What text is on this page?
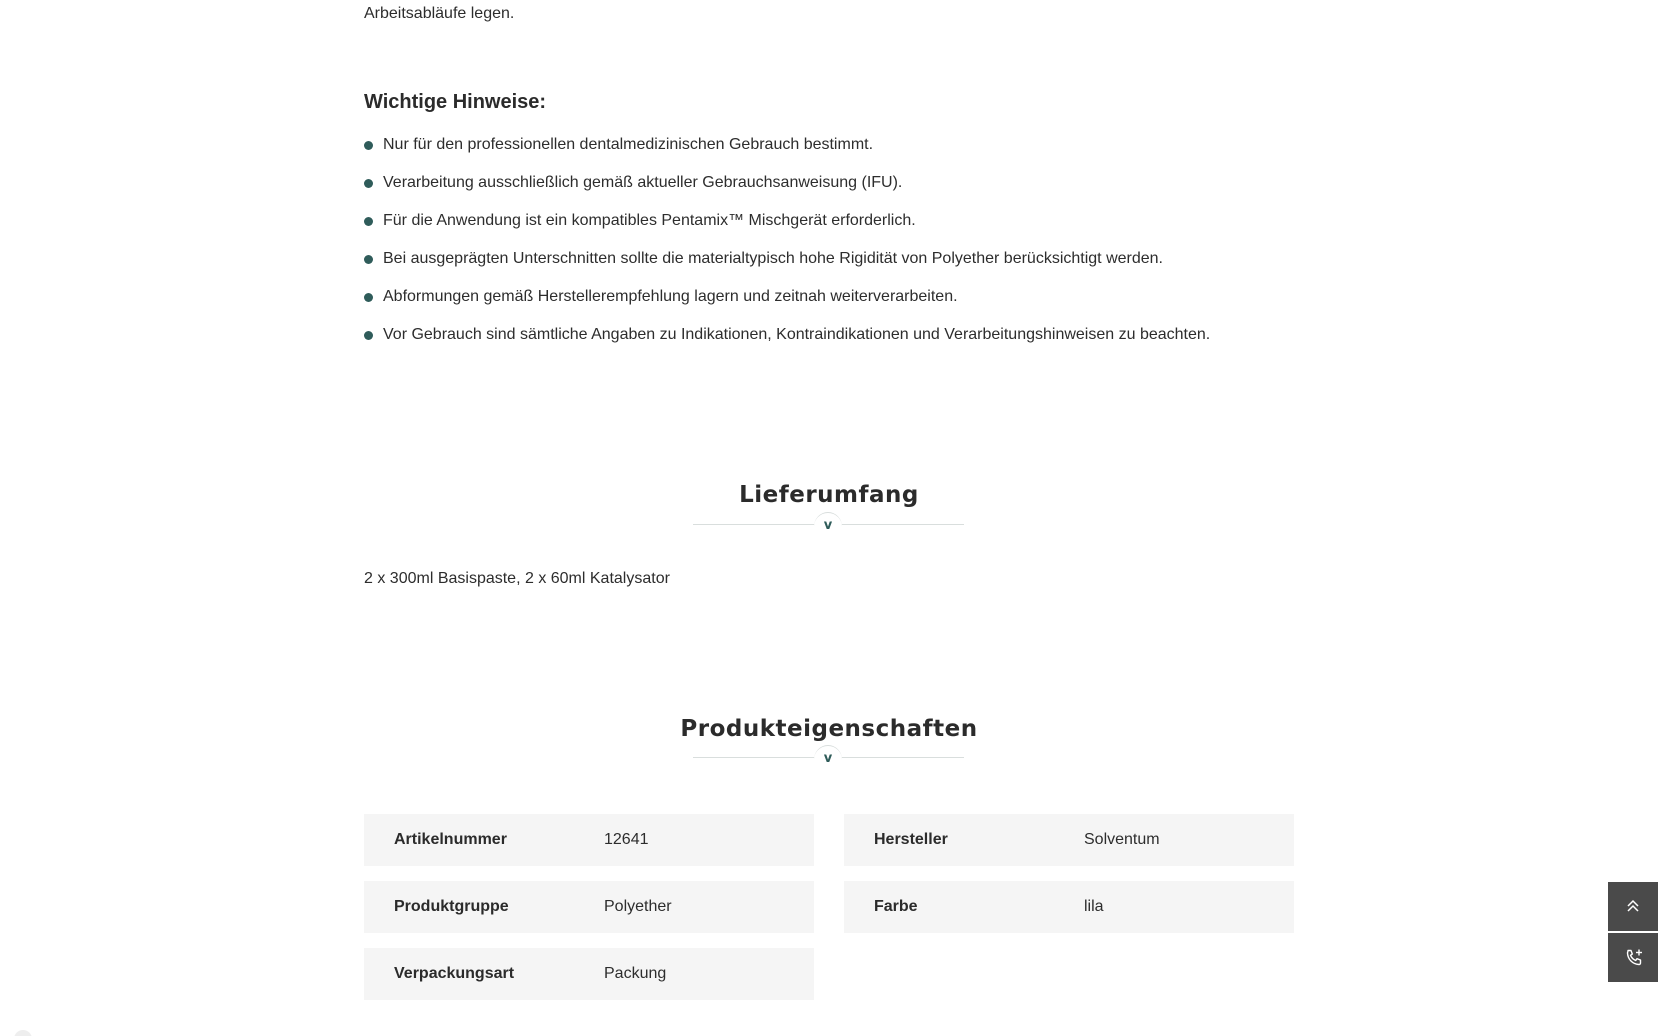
Arbeitsabläufe legen.

Wichtige Hinweise:
Nur für den professionellen dentalmedizinischen Gebrauch bestimmt.
Verarbeitung ausschließlich gemäß aktueller Gebrauchsanweisung (IFU).
Für die Anwendung ist ein kompatibles Pentamix™ Mischgerät erforderlich.
Bei ausgeprägten Unterschnitten sollte die materialtypisch hohe Rigidität von Polyether berücksichtigt werden.
Abformungen gemäß Herstellerempfehlung lagern und zeitnah weiterverarbeiten.
Vor Gebrauch sind sämtliche Angaben zu Indikationen, Kontraindikationen und Verarbeitungshinweisen zu beachten.
Lieferumfang
v

2 x 300ml Basispaste, 2 x 60ml Katalysator

Produkteigenschaften
v
Artikelnummer	12641	Hersteller	Solventum
Produktgruppe	Polyether	Farbe	lila
Verpackungsart	Packung
